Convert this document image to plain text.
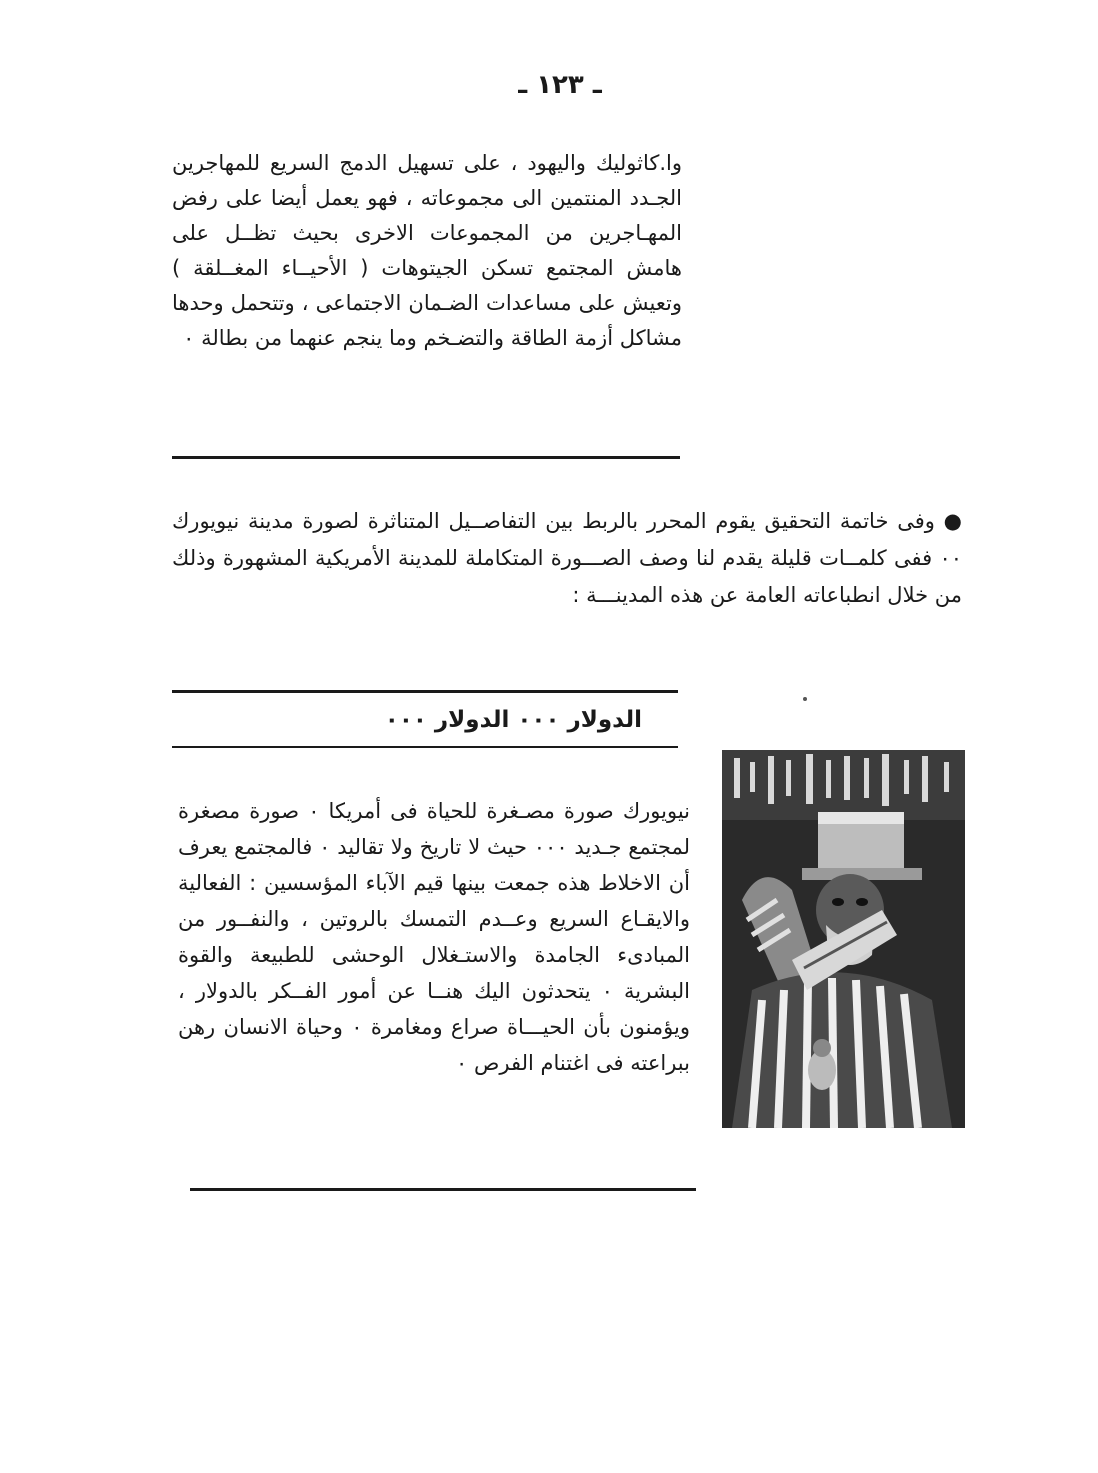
ـ ١٢٣ ـ

وا.كاثوليك واليهود ، على تسهيل الدمج السريع للمهاجرين الجـدد المنتمين الى مجموعاته ، فهو يعمل أيضا على رفض المهـاجرين من المجموعات الاخرى بحيث تظــل على هامش المجتمع تسكن الجيتوهات ( الأحيــاء المغــلقة ) وتعيش على مساعدات الضـمان الاجتماعى ، وتتحمل وحدها مشاكل أزمة الطاقة والتضـخم وما ينجم عنهما من بطالة ٠

● وفى خاتمة التحقيق يقوم المحرر بالربط بين التفاصــيل المتناثرة لصورة مدينة نيويورك ٠٠ ففى كلمــات قليلة يقدم لنا وصف الصـــورة المتكاملة للمدينة الأمريكية المشهورة وذلك من خلال انطباعاته العامة عن هذه المدينـــة :

الدولار ٠٠٠ الدولار ٠٠٠

نيويورك صورة مصـغرة للحياة فى أمريكا ٠ صورة مصغرة لمجتمع جـديد ٠٠٠ حيث لا تاريخ ولا تقاليد ٠ فالمجتمع يعرف أن الاخلاط هذه جمعت بينها قيم الآباء المؤسسين : الفعالية والايقـاع السريع وعــدم التمسك بالروتين ، والنفــور من المبادىء الجامدة والاستـغلال الوحشى للطبيعة والقوة البشرية ٠ يتحدثون اليك هنــا عن أمور الفــكر بالدولار ، ويؤمنون بأن الحيـــاة صراع ومغامرة ٠ وحياة الانسان رهن ببراعته فى اغتنام الفرص ٠
